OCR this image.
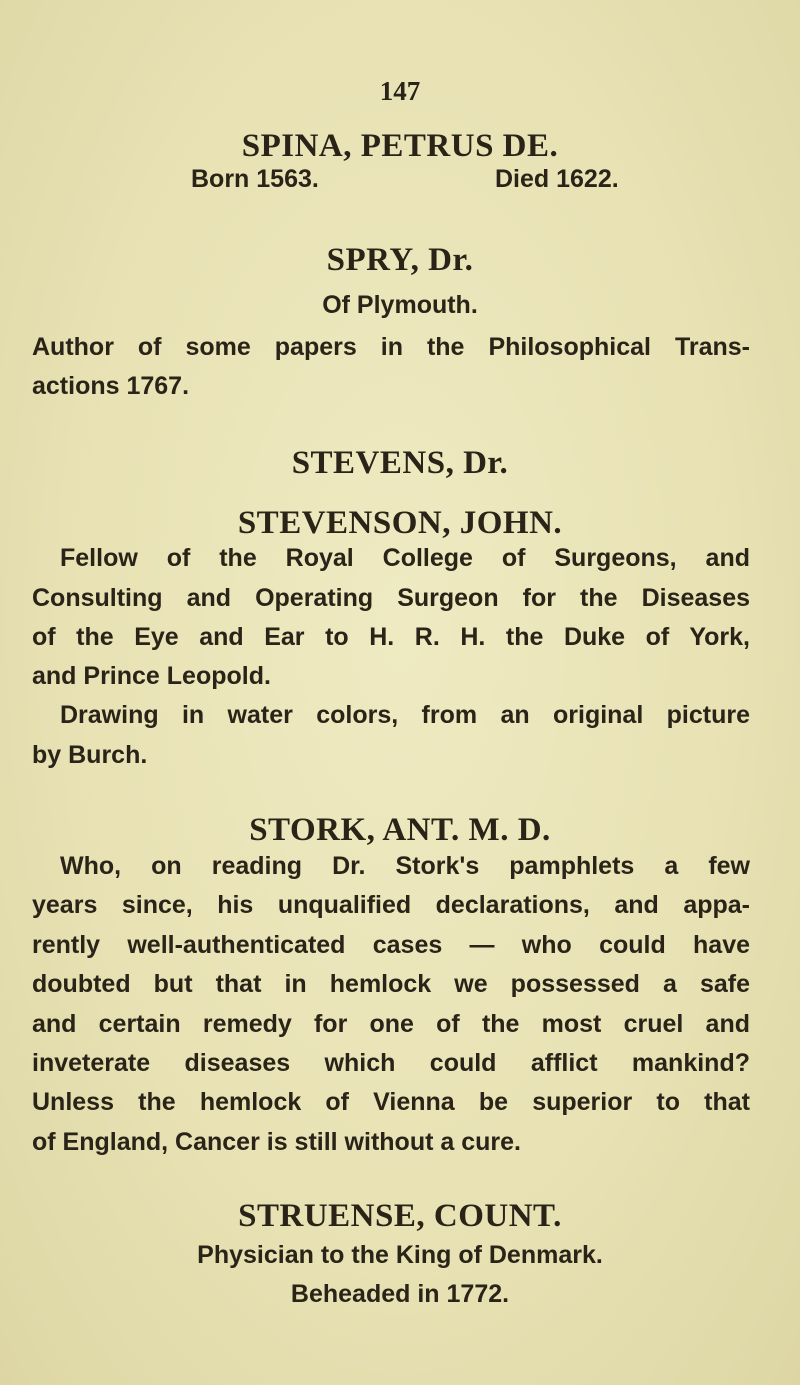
147
SPINA, PETRUS DE.
Born 1563.	Died 1622.
SPRY, Dr.
Of Plymouth.
Author of some papers in the Philosophical Trans-
actions 1767.
STEVENS, Dr.
STEVENSON, JOHN.
Fellow of the Royal College of Surgeons, and
Consulting and Operating Surgeon for the Diseases
of the Eye and Ear to H. R. H. the Duke of York,
and Prince Leopold.
Drawing in water colors, from an original picture
by Burch.
STORK, ANT. M. D.
Who, on reading Dr. Stork's pamphlets a few
years since, his unqualified declarations, and appa-
rently well-authenticated cases — who could have
doubted but that in hemlock we possessed a safe
and certain remedy for one of the most cruel and
inveterate diseases which could afflict mankind?
Unless the hemlock of Vienna be superior to that
of England, Cancer is still without a cure.
STRUENSE, COUNT.
Physician to the King of Denmark.
Beheaded in 1772.
